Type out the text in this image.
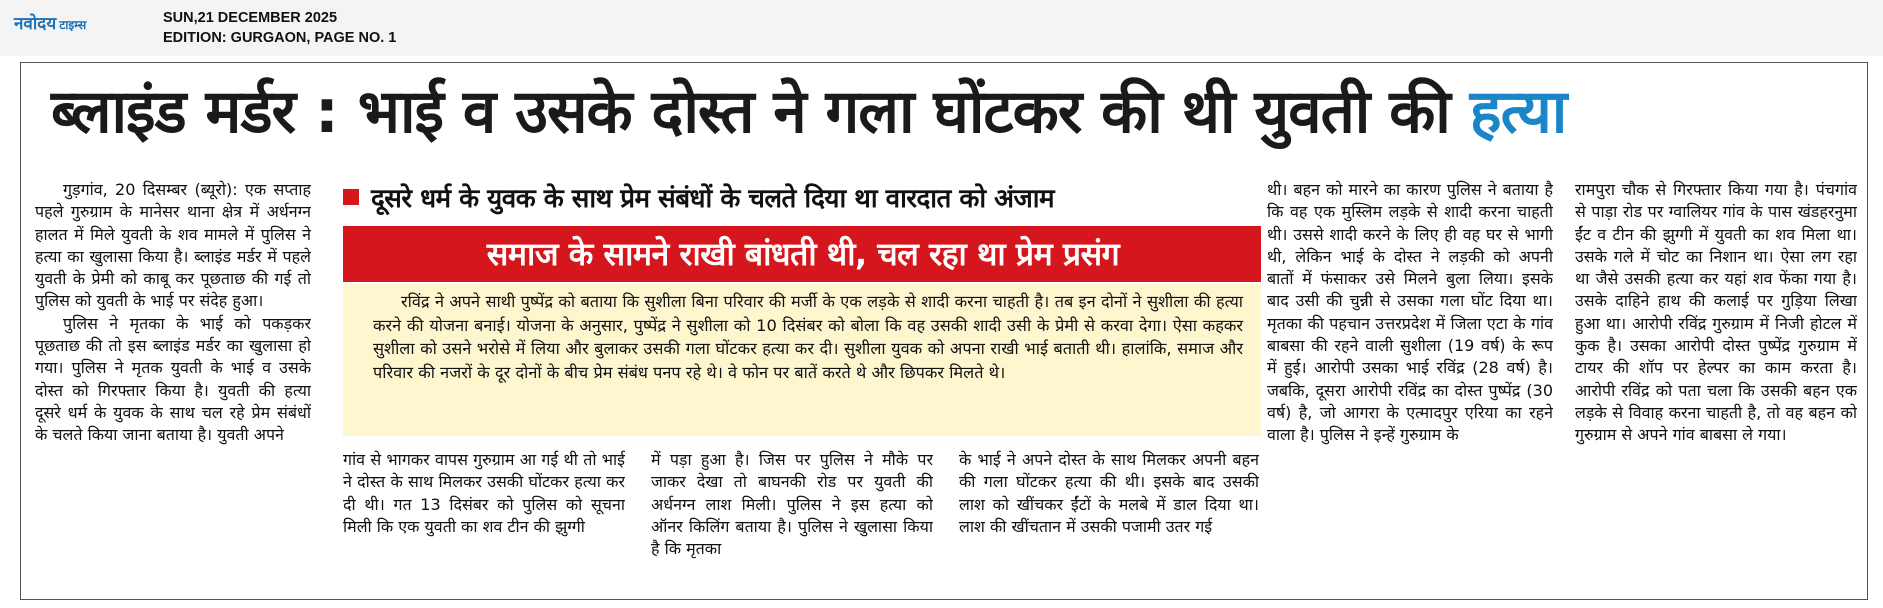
नवोदय टाइम्स	SUN,21 DECEMBER 2025
EDITION: GURGAON, PAGE NO. 1
ब्लाइंड मर्डर : भाई व उसके दोस्त ने गला घोंटकर की थी युवती की हत्या

गुड़गांव, 20 दिसम्बर (ब्यूरो): एक सप्ताह पहले गुरुग्राम के मानेसर थाना क्षेत्र में अर्धनग्न हालत में मिले युवती के शव मामले में पुलिस ने हत्या का खुलासा किया है। ब्लाइंड मर्डर में पहले युवती के प्रेमी को काबू कर पूछताछ की गई तो पुलिस को युवती के भाई पर संदेह हुआ।

पुलिस ने मृतका के भाई को पकड़कर पूछताछ की तो इस ब्लाइंड मर्डर का खुलासा हो गया। पुलिस ने मृतक युवती के भाई व उसके दोस्त को गिरफ्तार किया है। युवती की हत्या दूसरे धर्म के युवक के साथ चल रहे प्रेम संबंधों के चलते किया जाना बताया है। युवती अपने

दूसरे धर्म के युवक के साथ प्रेम संबंधों के चलते दिया था वारदात को अंजाम
समाज के सामने राखी बांधती थी, चल रहा था प्रेम प्रसंग

रविंद्र ने अपने साथी पुष्पेंद्र को बताया कि सुशीला बिना परिवार की मर्जी के एक लड़के से शादी करना चाहती है। तब इन दोनों ने सुशीला की हत्या करने की योजना बनाई। योजना के अनुसार, पुष्पेंद्र ने सुशीला को 10 दिसंबर को बोला कि वह उसकी शादी उसी के प्रेमी से करवा देगा। ऐसा कहकर सुशीला को उसने भरोसे में लिया और बुलाकर उसकी गला घोंटकर हत्या कर दी। सुशीला युवक को अपना राखी भाई बताती थी। हालांकि, समाज और परिवार की नजरों के दूर दोनों के बीच प्रेम संबंध पनप रहे थे। वे फोन पर बातें करते थे और छिपकर मिलते थे।

गांव से भागकर वापस गुरुग्राम आ गई थी तो भाई ने दोस्त के साथ मिलकर उसकी घोंटकर हत्या कर दी थी। गत 13 दिसंबर को पुलिस को सूचना मिली कि एक युवती का शव टीन की झुग्गी

में पड़ा हुआ है। जिस पर पुलिस ने मौके पर जाकर देखा तो बाघनकी रोड पर युवती की अर्धनग्न लाश मिली। पुलिस ने इस हत्या को ऑनर किलिंग बताया है। पुलिस ने खुलासा किया है कि मृतका

के भाई ने अपने दोस्त के साथ मिलकर अपनी बहन की गला घोंटकर हत्या की थी। इसके बाद उसकी लाश को खींचकर ईंटों के मलबे में डाल दिया था। लाश की खींचतान में उसकी पजामी उतर गई

थी। बहन को मारने का कारण पुलिस ने बताया है कि वह एक मुस्लिम लड़के से शादी करना चाहती थी। उससे शादी करने के लिए ही वह घर से भागी थी, लेकिन भाई के दोस्त ने लड़की को अपनी बातों में फंसाकर उसे मिलने बुला लिया। इसके बाद उसी की चुन्नी से उसका गला घोंट दिया था। मृतका की पहचान उत्तरप्रदेश में जिला एटा के गांव बाबसा की रहने वाली सुशीला (19 वर्ष) के रूप में हुई। आरोपी उसका भाई रविंद्र (28 वर्ष) है। जबकि, दूसरा आरोपी रविंद्र का दोस्त पुष्पेंद्र (30 वर्ष) है, जो आगरा के एत्मादपुर एरिया का रहने वाला है। पुलिस ने इन्हें गुरुग्राम के

रामपुरा चौक से गिरफ्तार किया गया है। पंचगांव से पाड़ा रोड पर ग्वालियर गांव के पास खंडहरनुमा ईंट व टीन की झुग्गी में युवती का शव मिला था। उसके गले में चोट का निशान था। ऐसा लग रहा था जैसे उसकी हत्या कर यहां शव फेंका गया है। उसके दाहिने हाथ की कलाई पर गुड़िया लिखा हुआ था। आरोपी रविंद्र गुरुग्राम में निजी होटल में कुक है। उसका आरोपी दोस्त पुष्पेंद्र गुरुग्राम में टायर की शॉप पर हेल्पर का काम करता है। आरोपी रविंद्र को पता चला कि उसकी बहन एक लड़के से विवाह करना चाहती है, तो वह बहन को गुरुग्राम से अपने गांव बाबसा ले गया।
